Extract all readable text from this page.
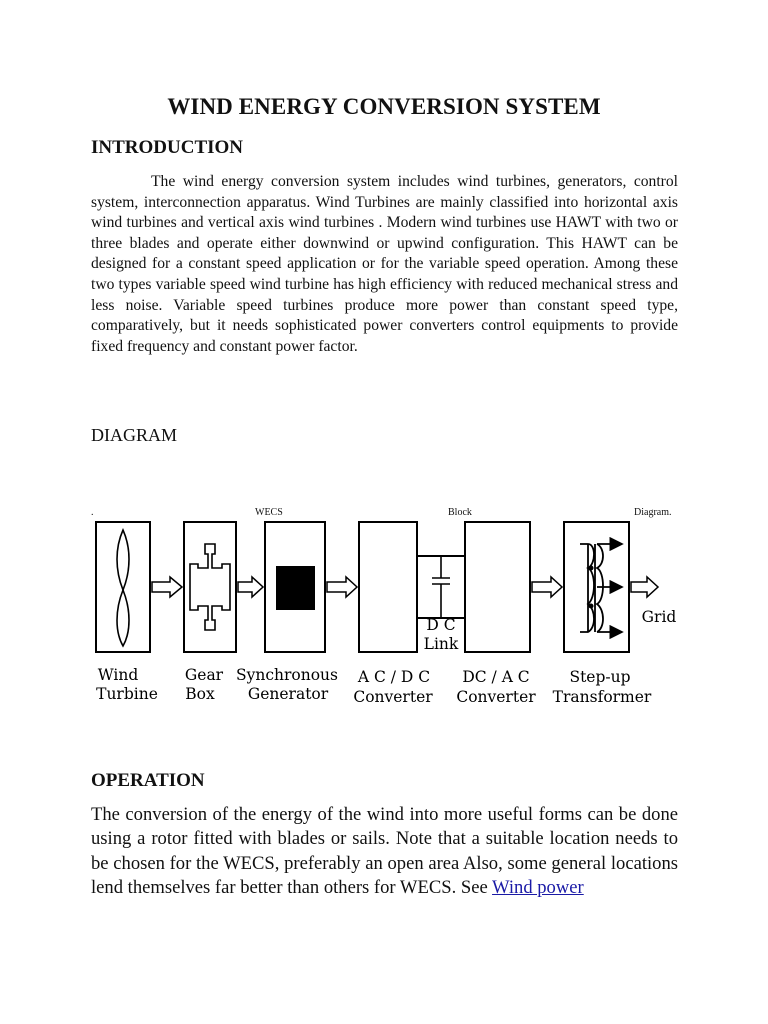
WIND ENERGY CONVERSION SYSTEM
INTRODUCTION

The wind energy conversion system includes wind turbines, generators, control system, interconnection apparatus. Wind Turbines are mainly classified into horizontal axis wind turbines and vertical axis wind turbines . Modern wind turbines use HAWT with two or three blades and operate either downwind or upwind configuration. This HAWT can be designed for a constant speed application or for the variable speed operation. Among these two types variable speed wind turbine has high efficiency with reduced mechanical stress and less noise. Variable speed turbines produce more power than constant speed type, comparatively, but it needs sophisticated power converters control equipments to provide fixed frequency and constant power factor.

DIAGRAM
.	WECS	Block	Diagram.
D C
Link
Grid
Wind
Turbine
Gear
Box
Synchronous
Generator
A C / D C
Converter
DC / A C
Converter
Step-up
Transformer
OPERATION

The conversion of the energy of the wind into more useful forms can be done using a rotor fitted with blades or sails. Note that a suitable location needs to be chosen for the WECS, preferably an open area Also, some general locations lend themselves far better than others for WECS. See Wind power
